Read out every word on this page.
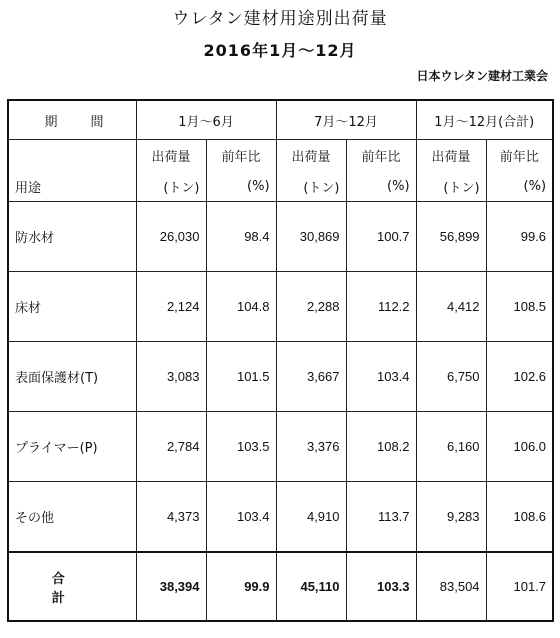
ウレタン建材用途別出荷量
2016年1月〜12月
日本ウレタン建材工業会
期　間	1月〜6月		7月〜12月		1月〜12月(合計)	
	出荷量	前年比	出荷量	前年比	出荷量	前年比
用途	(トン)	(%)	(トン)	(%)	(トン)	(%)
防水材	26,030	98.4	30,869	100.7	56,899	99.6
床材	2,124	104.8	2,288	112.2	4,412	108.5
表面保護材(T)	3,083	101.5	3,667	103.4	6,750	102.6
プライマー(P)	2,784	103.5	3,376	108.2	6,160	106.0
その他	4,373	103.4	4,910	113.7	9,283	108.6
合　計	38,394	99.9	45,110	103.3	83,504	101.7
